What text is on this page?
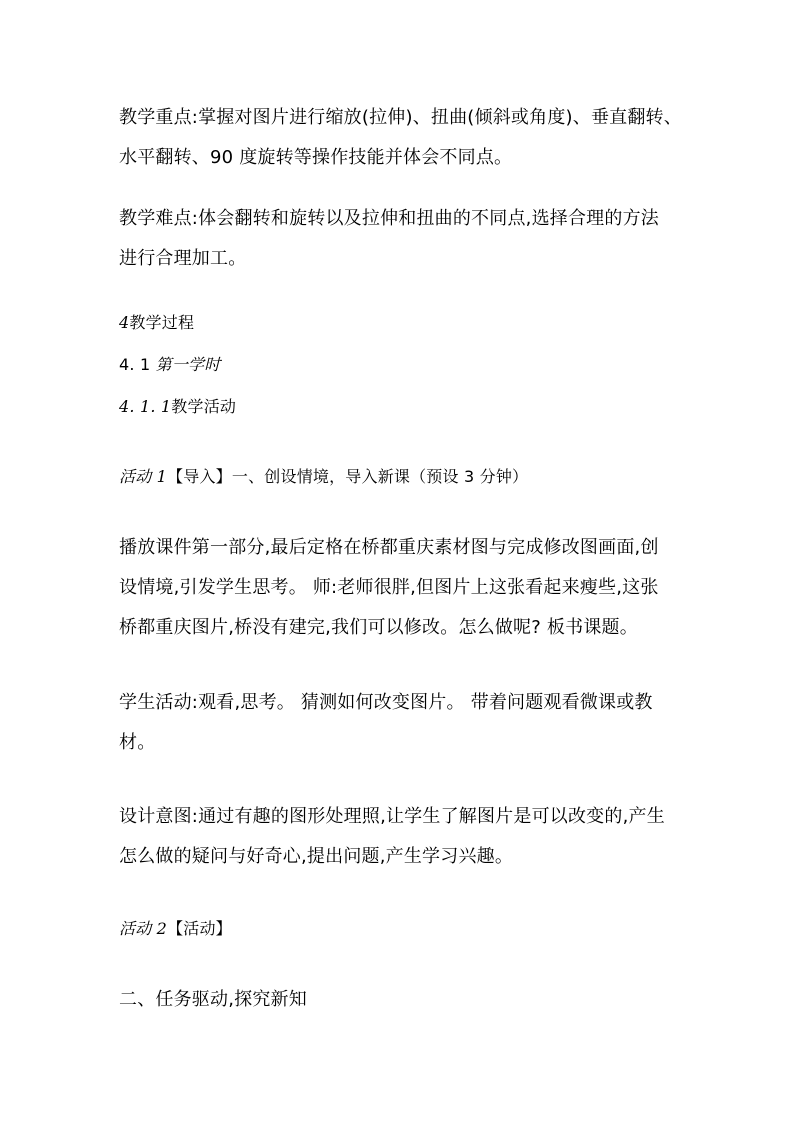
教学重点:掌握对图片进行缩放(拉伸)、扭曲(倾斜或角度)、垂直翻转、
水平翻转、90 度旋转等操作技能并体会不同点。
教学难点:体会翻转和旋转以及拉伸和扭曲的不同点,选择合理的方法
进行合理加工。
4教学过程
4. 1 第一学时
4. 1. 1教学活动
活动 1【导入】一、创设情境，导入新课（预设 3 分钟）
播放课件第一部分,最后定格在桥都重庆素材图与完成修改图画面,创
设情境,引发学生思考。 师:老师很胖,但图片上这张看起来瘦些,这张
桥都重庆图片,桥没有建完,我们可以修改。怎么做呢? 板书课题。
学生活动:观看,思考。 猜测如何改变图片。 带着问题观看微课或教
材。
设计意图:通过有趣的图形处理照,让学生了解图片是可以改变的,产生
怎么做的疑问与好奇心,提出问题,产生学习兴趣。
活动 2【活动】
二、任务驱动,探究新知
